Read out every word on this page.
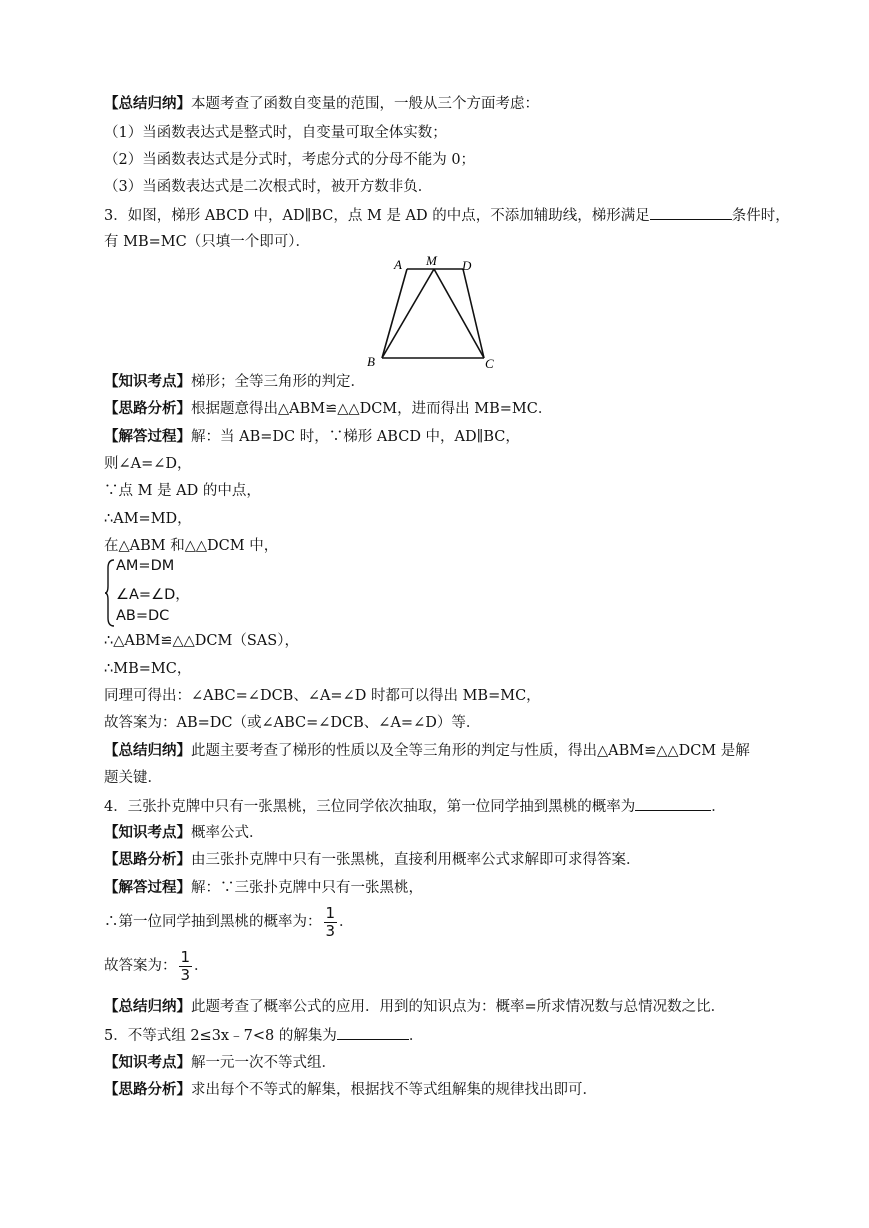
【总结归纳】本题考查了函数自变量的范围，一般从三个方面考虑：
（1）当函数表达式是整式时，自变量可取全体实数；
（2）当函数表达式是分式时，考虑分式的分母不能为 0；
（3）当函数表达式是二次根式时，被开方数非负．
3．如图，梯形 ABCD 中，AD∥BC，点 M 是 AD 的中点，不添加辅助线，梯形满足	条件时，
有 MB=MC（只填一个即可）．
A M D
B	C
【知识考点】梯形；全等三角形的判定．
【思路分析】根据题意得出△ABM≌△△DCM，进而得出 MB=MC．
【解答过程】解：当 AB=DC 时，∵梯形 ABCD 中，AD∥BC，
则∠A=∠D，
∵点 M 是 AD 的中点，
∴AM=MD，
在△ABM 和△△DCM 中，
AM=DM
∠A=∠D，
AB=DC
∴△ABM≌△△DCM（SAS），
∴MB=MC，
同理可得出：∠ABC=∠DCB、∠A=∠D 时都可以得出 MB=MC，
故答案为：AB=DC（或∠ABC=∠DCB、∠A=∠D）等．
【总结归纳】此题主要考查了梯形的性质以及全等三角形的判定与性质，得出△ABM≌△△DCM 是解
题关键．
4．三张扑克牌中只有一张黑桃，三位同学依次抽取，第一位同学抽到黑桃的概率为	．
【知识考点】概率公式．
【思路分析】由三张扑克牌中只有一张黑桃，直接利用概率公式求解即可求得答案．
【解答过程】解：∵三张扑克牌中只有一张黑桃，
∴第一位同学抽到黑桃的概率为： $\frac{1}{3}$ ．
故答案为： $\frac{1}{3}$ ．
【总结归纳】此题考查了概率公式的应用．用到的知识点为：概率=所求情况数与总情况数之比．
5．不等式组 2≤3x﹣7<8 的解集为	．
【知识考点】解一元一次不等式组．
【思路分析】求出每个不等式的解集，根据找不等式组解集的规律找出即可．
